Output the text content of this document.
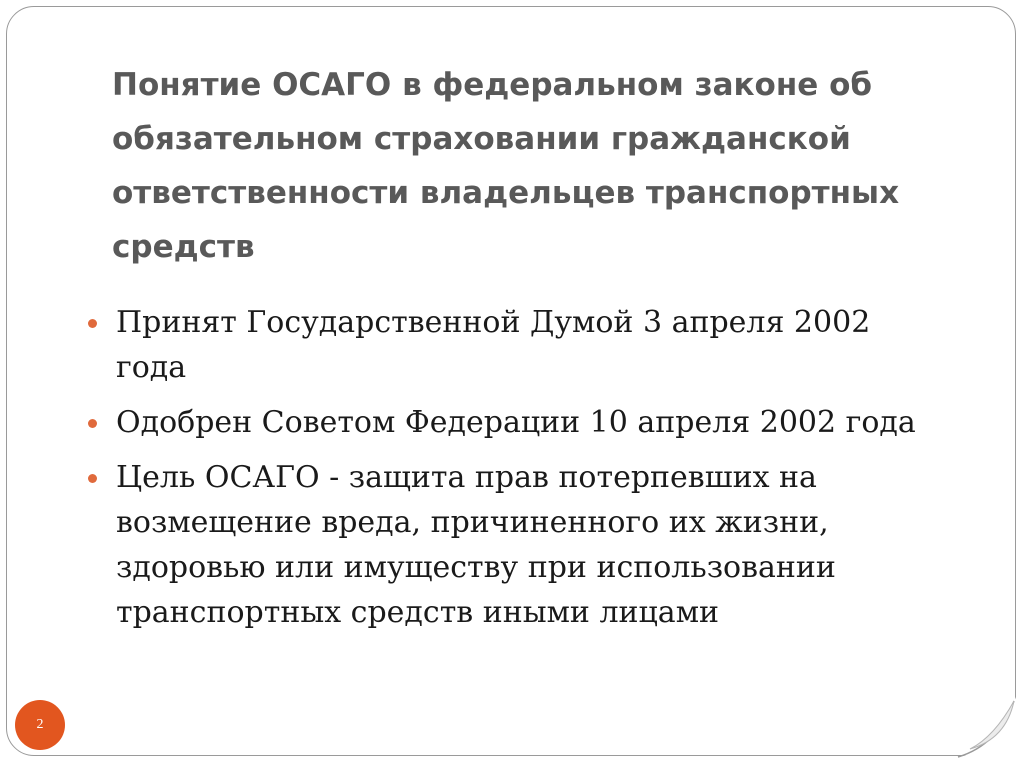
Понятие ОСАГО в федеральном законе об обязательном страховании гражданской ответственности владельцев транспортных средств
Принят Государственной Думой 3 апреля 2002 года
Одобрен Советом Федерации 10 апреля 2002 года
Цель ОСАГО - защита прав потерпевших на возмещение вреда, причиненного их жизни, здоровью или имуществу при использовании транспортных средств иными лицами
2
